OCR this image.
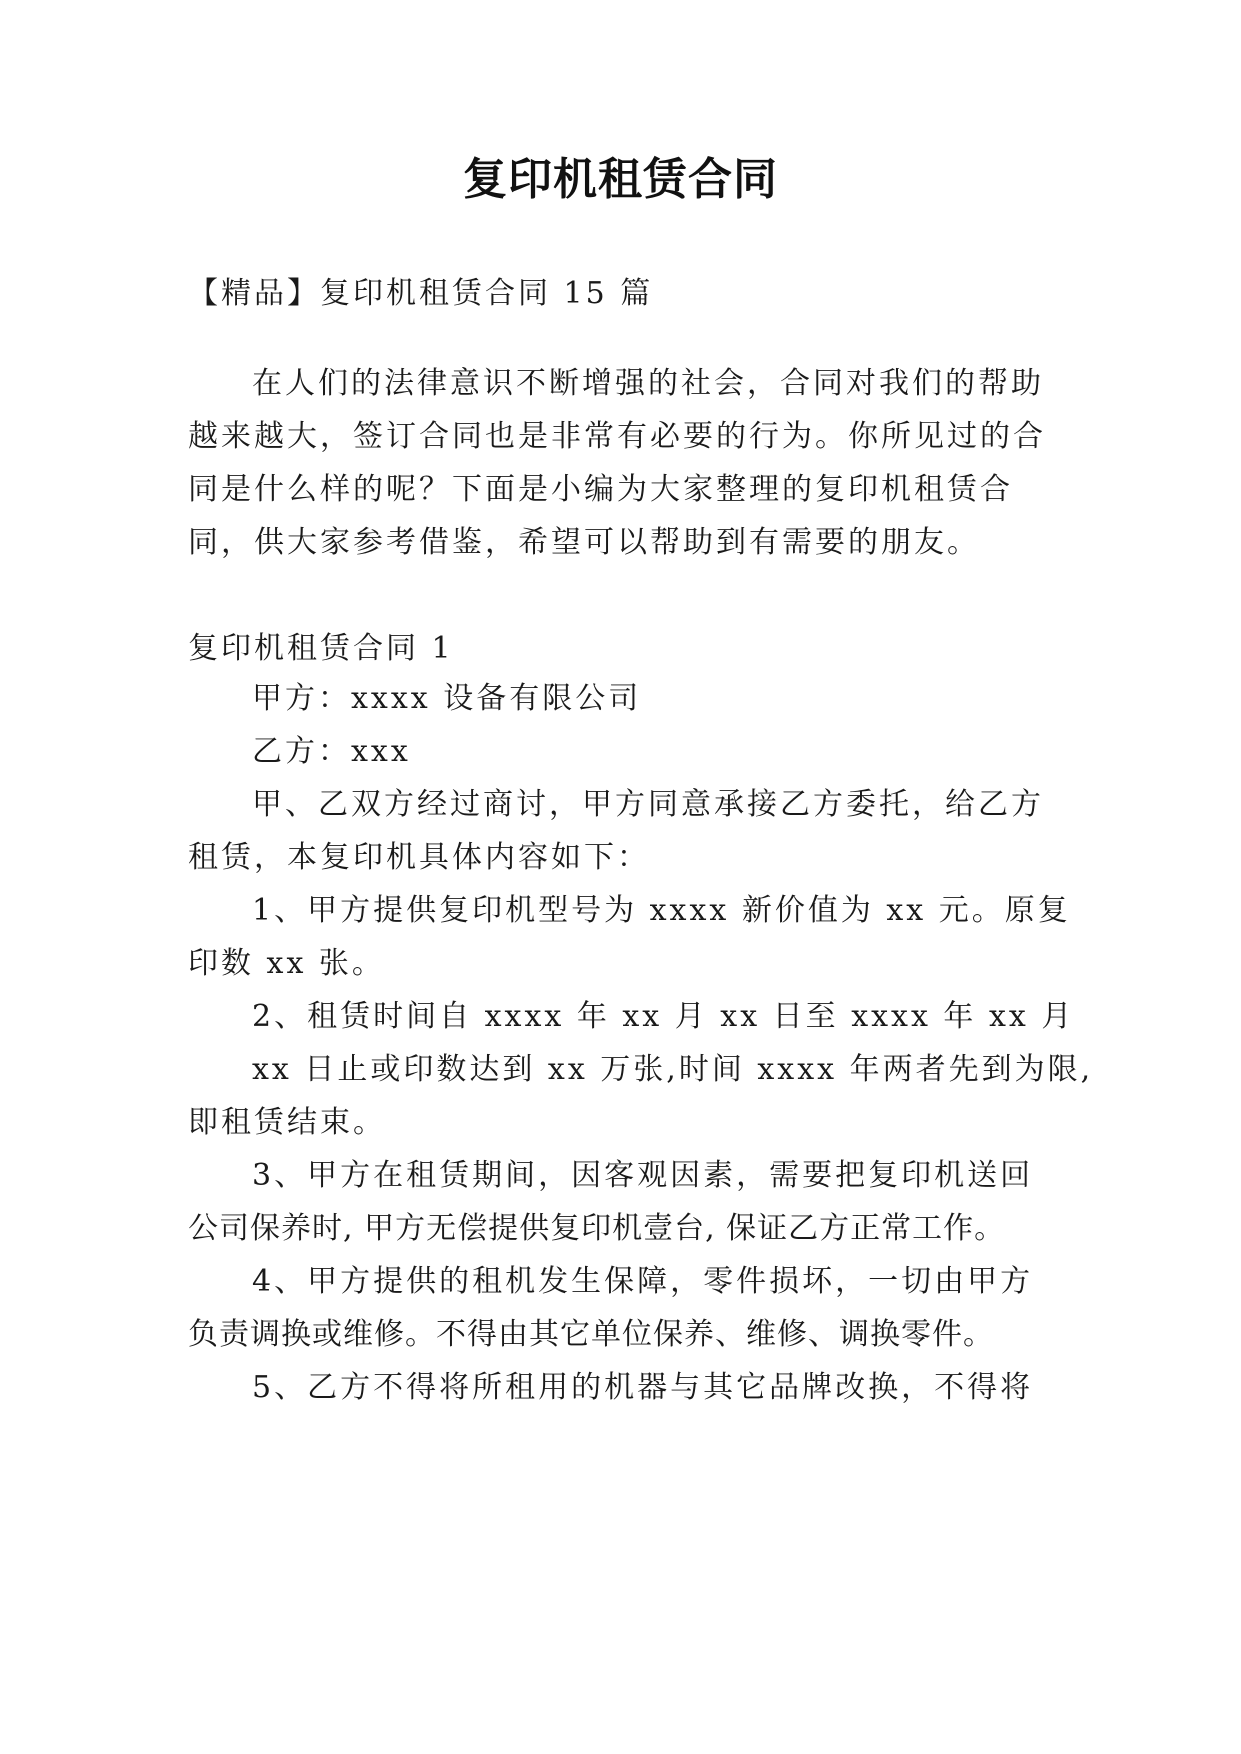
复印机租赁合同
【精品】复印机租赁合同 15 篇
在人们的法律意识不断增强的社会，合同对我们的帮助
越来越大，签订合同也是非常有必要的行为。你所见过的合
同是什么样的呢？下面是小编为大家整理的复印机租赁合
同，供大家参考借鉴，希望可以帮助到有需要的朋友。
复印机租赁合同 1
甲方：xxxx 设备有限公司
乙方：xxx
甲、乙双方经过商讨，甲方同意承接乙方委托，给乙方
租赁，本复印机具体内容如下：
1、甲方提供复印机型号为 xxxx 新价值为 xx 元。原复
印数 xx 张。
2、租赁时间自 xxxx 年 xx 月 xx 日至 xxxx 年 xx 月
xx 日止或印数达到 xx 万张,时间 xxxx 年两者先到为限,
即租赁结束。
3、甲方在租赁期间，因客观因素，需要把复印机送回
公司保养时, 甲方无偿提供复印机壹台, 保证乙方正常工作。
4、甲方提供的租机发生保障，零件损坏，一切由甲方
负责调换或维修。不得由其它单位保养、维修、调换零件。
5、乙方不得将所租用的机器与其它品牌改换，不得将
